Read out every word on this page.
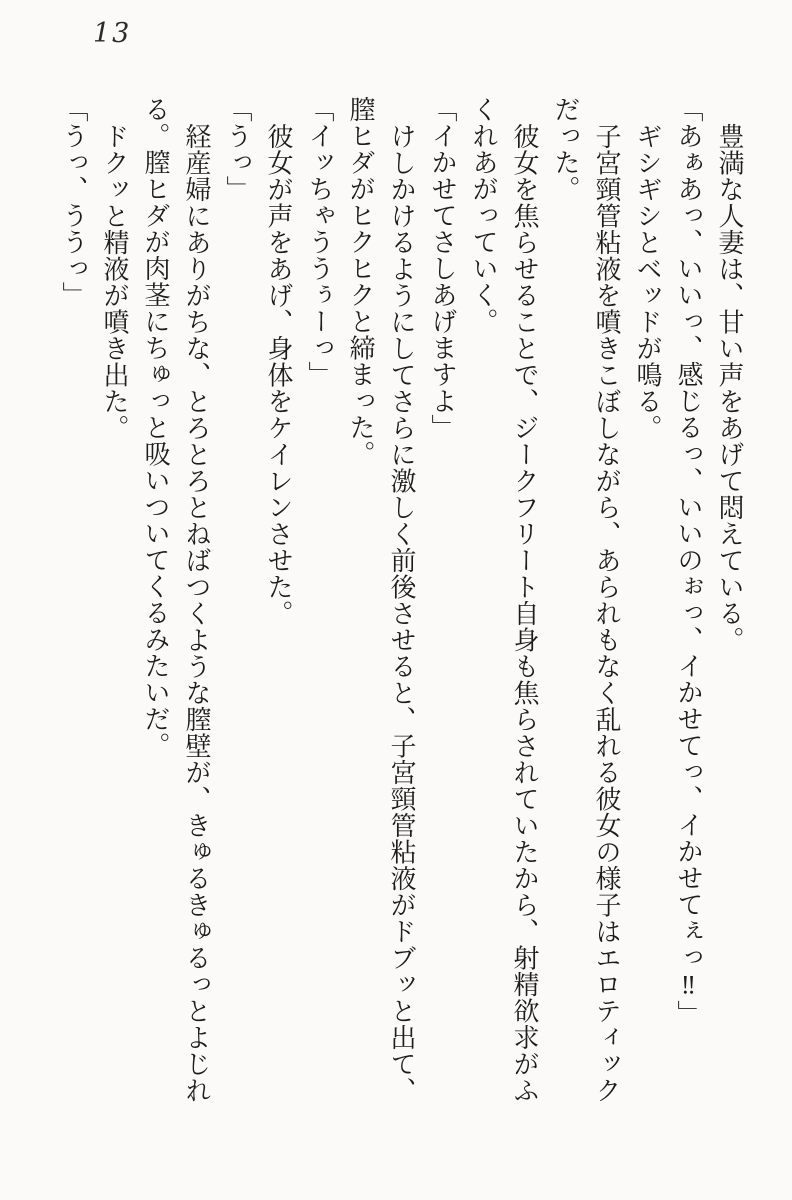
13
豊満な人妻は、甘い声をあげて悶えている。
「あぁあっ、いいっ、感じるっ、いいのぉっ、イかせてっ、イかせてぇっ‼」
ギシギシとベッドが鳴る。
子宮頸管粘液を噴きこぼしながら、あられもなく乱れる彼女の様子はエロティック
だった。
彼女を焦らせることで、ジークフリート自身も焦らされていたから、射精欲求がふ
くれあがっていく。
「イかせてさしあげますよ」
けしかけるようにしてさらに激しく前後させると、子宮頸管粘液がドブッと出て、
膣ヒダがヒクヒクと締まった。
「イッちゃううぅーっ」
彼女が声をあげ、身体をケイレンさせた。
「うっ」
経産婦にありがちな、とろとろとねばつくような膣壁が、きゅるきゅるっとよじれ
る。膣ヒダが肉茎にちゅっと吸いついてくるみたいだ。
ドクッと精液が噴き出た。
「うっ、ううっ」
